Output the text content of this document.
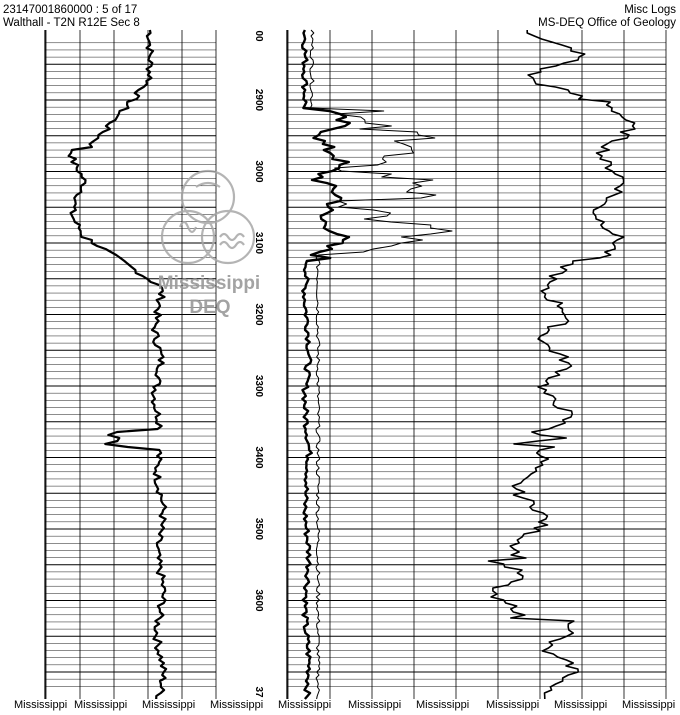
2900
3000
3100
3200
3300
3400
3500
3600
00
37
Mississippi
DEQ
23147001860000 : 5 of 17
Walthall - T2N R12E Sec 8
Misc Logs
MS-DEQ Office of Geology
Mississippi Mississippi Mississippi Mississippi Mississippi Mississippi Mississippi Mississippi Mississippi Mississippi
